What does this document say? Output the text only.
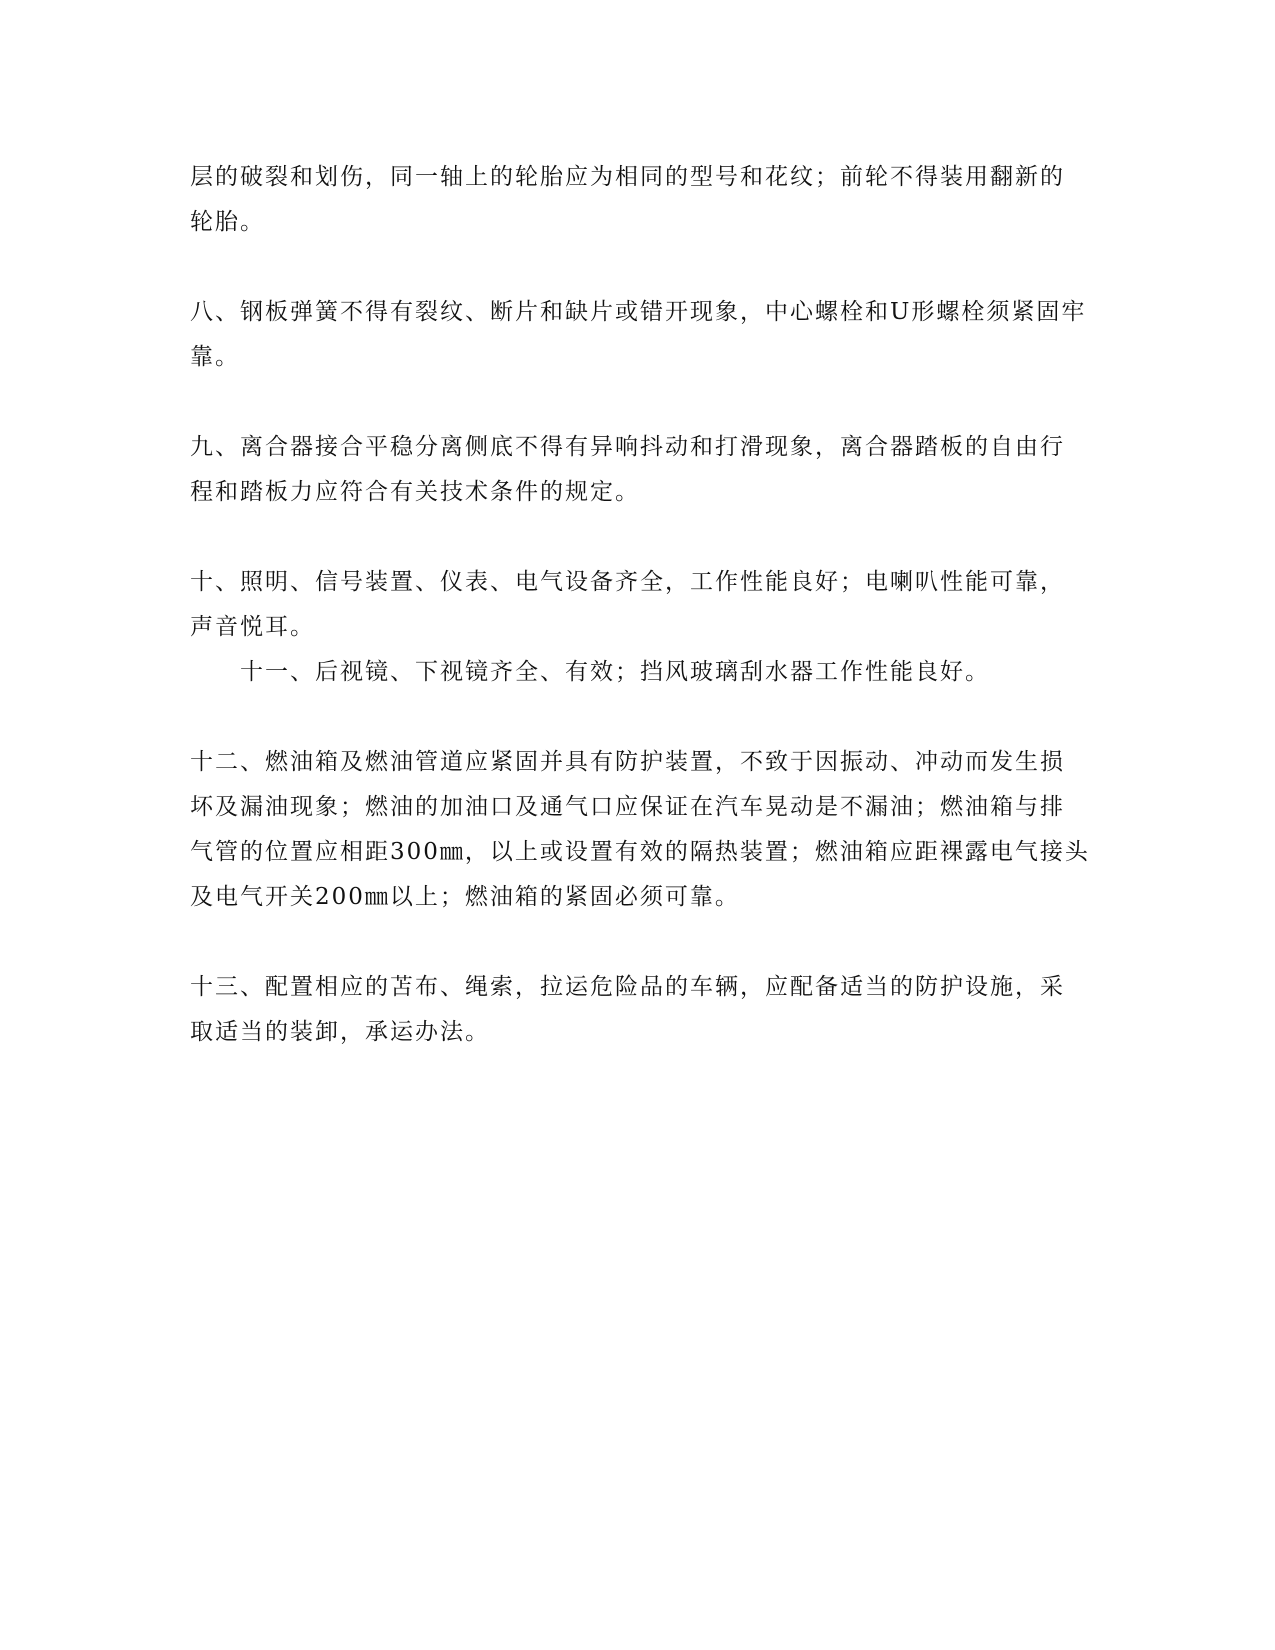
层的破裂和划伤，同一轴上的轮胎应为相同的型号和花纹；前轮不得装用翻新的
轮胎。
八、钢板弹簧不得有裂纹、断片和缺片或错开现象，中心螺栓和U形螺栓须紧固牢
靠。
九、离合器接合平稳分离侧底不得有异响抖动和打滑现象，离合器踏板的自由行
程和踏板力应符合有关技术条件的规定。
十、照明、信号装置、仪表、电气设备齐全，工作性能良好；电喇叭性能可靠，
声音悦耳。
十一、后视镜、下视镜齐全、有效；挡风玻璃刮水器工作性能良好。
十二、燃油箱及燃油管道应紧固并具有防护装置，不致于因振动、冲动而发生损
坏及漏油现象；燃油的加油口及通气口应保证在汽车晃动是不漏油；燃油箱与排
气管的位置应相距300㎜，以上或设置有效的隔热装置；燃油箱应距裸露电气接头
及电气开关200㎜以上；燃油箱的紧固必须可靠。
十三、配置相应的苫布、绳索，拉运危险品的车辆，应配备适当的防护设施，采
取适当的装卸，承运办法。
